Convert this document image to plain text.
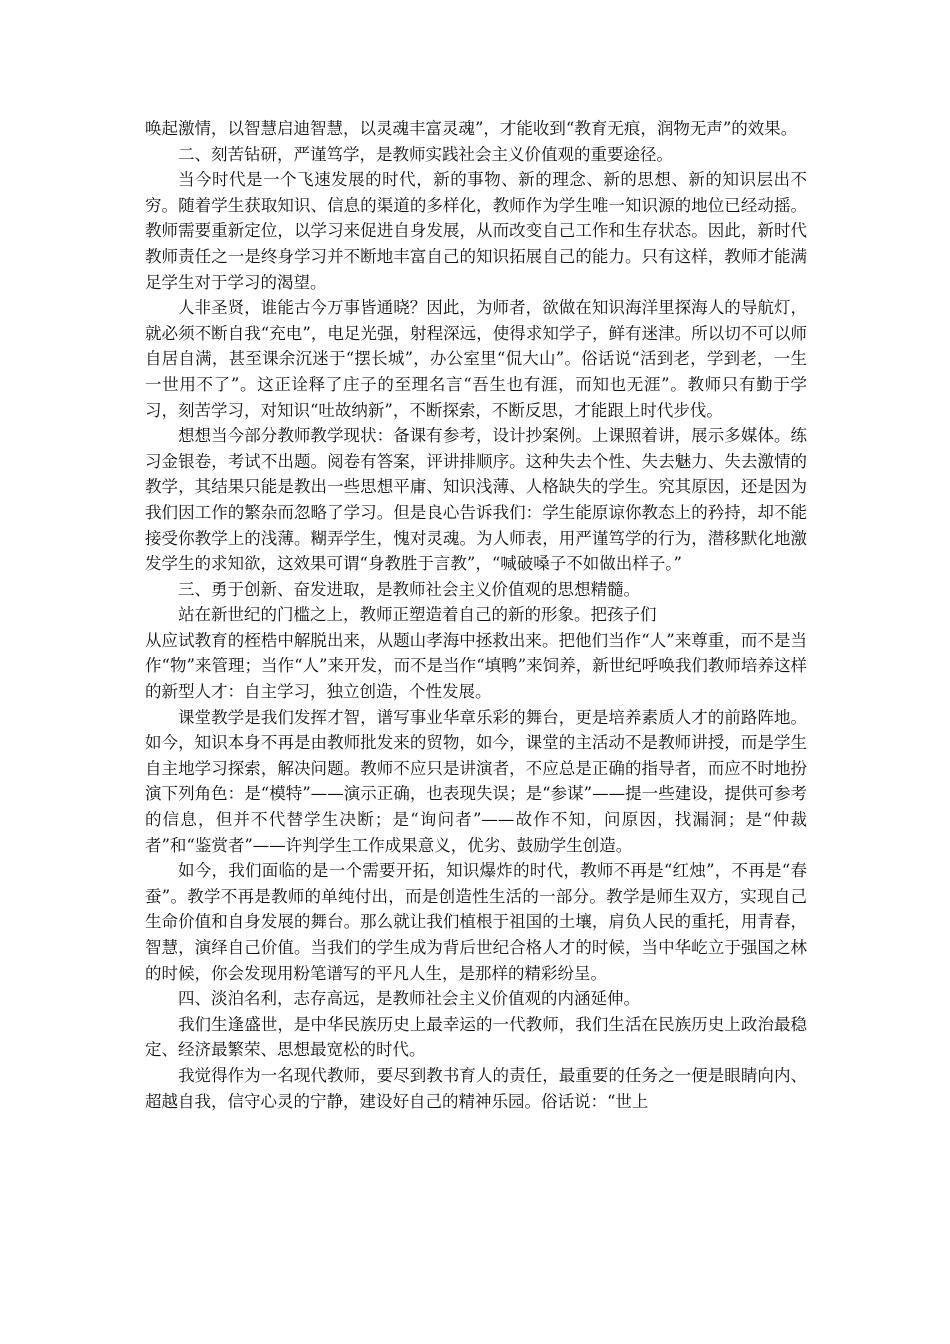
唤起激情，以智慧启迪智慧，以灵魂丰富灵魂”，才能收到“教育无痕，润物无声”的效果。

二、刻苦钻研，严谨笃学，是教师实践社会主义价值观的重要途径。

当今时代是一个飞速发展的时代，新的事物、新的理念、新的思想、新的知识层出不穷。随着学生获取知识、信息的渠道的多样化，教师作为学生唯一知识源的地位已经动摇。教师需要重新定位，以学习来促进自身发展，从而改变自己工作和生存状态。因此，新时代教师责任之一是终身学习并不断地丰富自己的知识拓展自己的能力。只有这样，教师才能满足学生对于学习的渴望。

人非圣贤，谁能古今万事皆通晓？因此，为师者，欲做在知识海洋里探海人的导航灯，就必须不断自我“充电”，电足光强，射程深远，使得求知学子，鲜有迷津。所以切不可以师自居自满，甚至课余沉迷于“摆长城”，办公室里“侃大山”。俗话说“活到老，学到老，一生一世用不了”。这正诠释了庄子的至理名言“吾生也有涯，而知也无涯”。教师只有勤于学习，刻苦学习，对知识“吐故纳新”，不断探索，不断反思，才能跟上时代步伐。

想想当今部分教师教学现状：备课有参考，设计抄案例。上课照着讲，展示多媒体。练习金银卷，考试不出题。阅卷有答案，评讲排顺序。这种失去个性、失去魅力、失去激情的教学，其结果只能是教出一些思想平庸、知识浅薄、人格缺失的学生。究其原因，还是因为我们因工作的繁杂而忽略了学习。但是良心告诉我们：学生能原谅你教态上的矜持，却不能接受你教学上的浅薄。糊弄学生，愧对灵魂。为人师表，用严谨笃学的行为，潜移默化地激发学生的求知欲，这效果可谓“身教胜于言教”，“喊破嗓子不如做出样子。”

三、勇于创新、奋发进取，是教师社会主义价值观的思想精髓。

站在新世纪的门槛之上，教师正塑造着自己的新的形象。把孩子们

从应试教育的桎梏中解脱出来，从题山孝海中拯救出来。把他们当作“人”来尊重，而不是当作“物”来管理；当作“人”来开发，而不是当作“填鸭”来饲养，新世纪呼唤我们教师培养这样的新型人才：自主学习，独立创造，个性发展。

课堂教学是我们发挥才智，谱写事业华章乐彩的舞台，更是培养素质人才的前路阵地。如今，知识本身不再是由教师批发来的贸物，如今，课堂的主活动不是教师讲授，而是学生自主地学习探索，解决问题。教师不应只是讲演者，不应总是正确的指导者，而应不时地扮演下列角色：是“模特”——演示正确，也表现失误；是“参谋”——提一些建设，提供可参考的信息，但并不代替学生决断；是“询问者”——故作不知，问原因，找漏洞；是“仲裁者”和“鉴赏者”——许判学生工作成果意义，优劣、鼓励学生创造。

如今，我们面临的是一个需要开拓，知识爆炸的时代，教师不再是“红烛”，不再是“春蚕”。教学不再是教师的单纯付出，而是创造性生活的一部分。教学是师生双方，实现自己生命价值和自身发展的舞台。那么就让我们植根于祖国的土壤，肩负人民的重托，用青春，智慧，演绎自己价值。当我们的学生成为背后世纪合格人才的时候，当中华屹立于强国之林的时候，你会发现用粉笔谱写的平凡人生，是那样的精彩纷呈。

四、淡泊名利，志存高远，是教师社会主义价值观的内涵延伸。

我们生逢盛世，是中华民族历史上最幸运的一代教师，我们生活在民族历史上政治最稳定、经济最繁荣、思想最宽松的时代。

我觉得作为一名现代教师，要尽到教书育人的责任，最重要的任务之一便是眼睛向内、超越自我，信守心灵的宁静，建设好自己的精神乐园。俗话说：“世上
